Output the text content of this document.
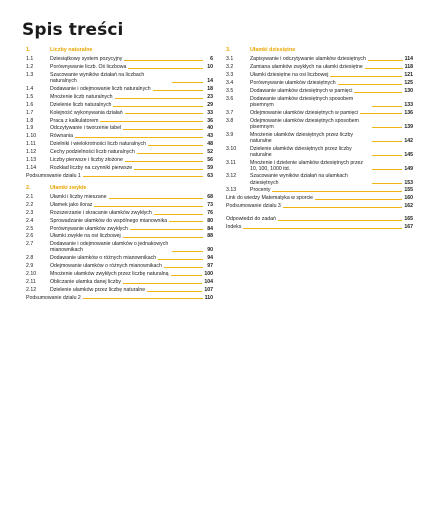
Spis treści
1.	Liczby naturalne
1.1	Dziesiątkowy system pozycyjny	6
1.2	Porównywanie liczb. Oś liczbowa	10
1.3	Szacowanie wyników działań na liczbach naturalnych	14
1.4	Dodawanie i odejmowanie liczb naturalnych	18
1.5	Mnożenie liczb naturalnych	23
1.6	Dzielenie liczb naturalnych	29
1.7	Kolejność wykonywania działań	33
1.8	Praca z kalkulatorem	36
1.9	Odczytywanie i tworzenie tabel	40
1.10	Równania	43
1.11	Dzielniki i wielokrotności liczb naturalnych	48
1.12	Cechy podzielności liczb naturalnych	52
1.13	Liczby pierwsze i liczby złożone	56
1.14	Rozkład liczby na czynniki pierwsze	59
Podsumowanie działu 1	63
2.	Ułamki zwykłe
2.1	Ułamki i liczby mieszane	68
2.2	Ułamek jako iloraz	73
2.3	Rozszerzanie i skracanie ułamków zwykłych	76
2.4	Sprowadzanie ułamków do wspólnego mianownika	80
2.5	Porównywanie ułamków zwykłych	84
2.6	Ułamki zwykłe na osi liczbowej	88
2.7	Dodawanie i odejmowanie ułamków o jednakowych mianownikach	90
2.8	Dodawanie ułamków o różnych mianownikach	94
2.9	Odejmowanie ułamków o różnych mianownikach	97
2.10	Mnożenie ułamków zwykłych przez liczbę naturalną	100
2.11	Obliczanie ułamka danej liczby	104
2.12	Dzielenie ułamków przez liczbę naturalne	107
Podsumowanie działu 2	110
3.	Ułamki dziesiętne
3.1	Zapisywanie i odczytywanie ułamków dziesiętnych	114
3.2	Zamiana ułamków zwykłych na ułamki dziesiętne	118
3.3	Ułamki dziesiętne na osi liczbowej	121
3.4	Porównywanie ułamków dziesiętnych	125
3.5	Dodawanie ułamków dziesiętnych w pamięci	130
3.6	Dodawanie ułamków dziesiętnych sposobem pisemnym	133
3.7	Odejmowanie ułamków dziesiętnych w pamięci	136
3.8	Odejmowanie ułamków dziesiętnych sposobem pisemnym	139
3.9	Mnożenie ułamków dziesiętnych przez liczby naturalne	142
3.10	Dzielenie ułamków dziesiętnych przez liczby naturalne	145
3.11	Mnożenie i dzielenie ułamków dziesiętnych przez 10, 100, 1000 itd.	149
3.12	Szacowanie wyników działań na ułamkach dziesiętnych	153
3.13	Procenty	155
Link do wiedzy Matematyka w sporcie	160
Podsumowanie działu 3	162
Odpowiedzi do zadań	165
Indeks	167
